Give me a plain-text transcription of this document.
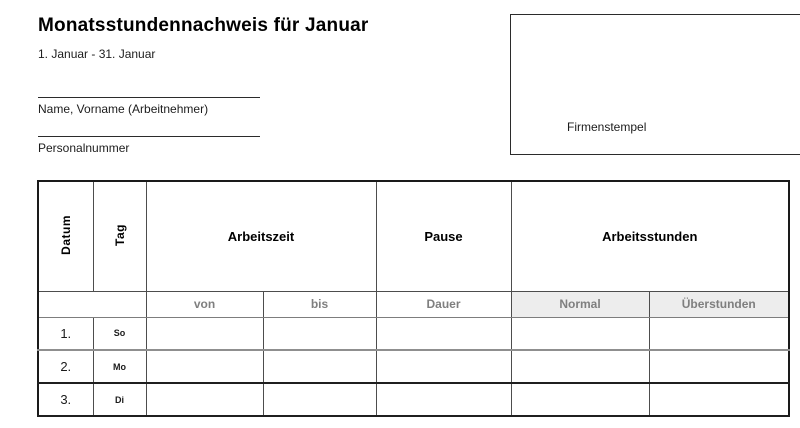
Monatsstundennachweis für Januar
1. Januar - 31. Januar
Name, Vorname (Arbeitnehmer)
Personalnummer
Firmenstempel
Datum	Tag	Arbeitszeit		Pause	Arbeitsstunden	
		von	bis	Dauer	Normal	Überstunden
1.	So					
2.	Mo					
3.	Di					
